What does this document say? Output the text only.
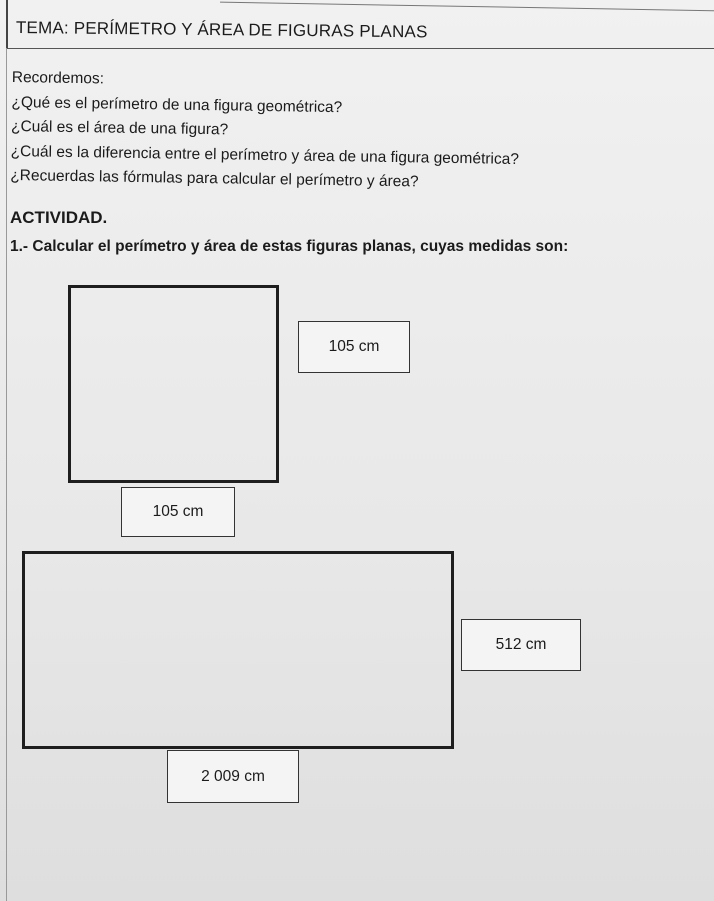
TEMA: PERÍMETRO Y ÁREA DE FIGURAS PLANAS
Recordemos:
¿Qué es el perímetro de una figura geométrica?
¿Cuál es el área de una figura?
¿Cuál es la diferencia entre el perímetro y área de una figura geométrica?
¿Recuerdas las fórmulas para calcular el perímetro y área?
ACTIVIDAD.
1.- Calcular el perímetro y área de estas figuras planas, cuyas medidas son:
105 cm
105 cm
512 cm
2 009 cm
